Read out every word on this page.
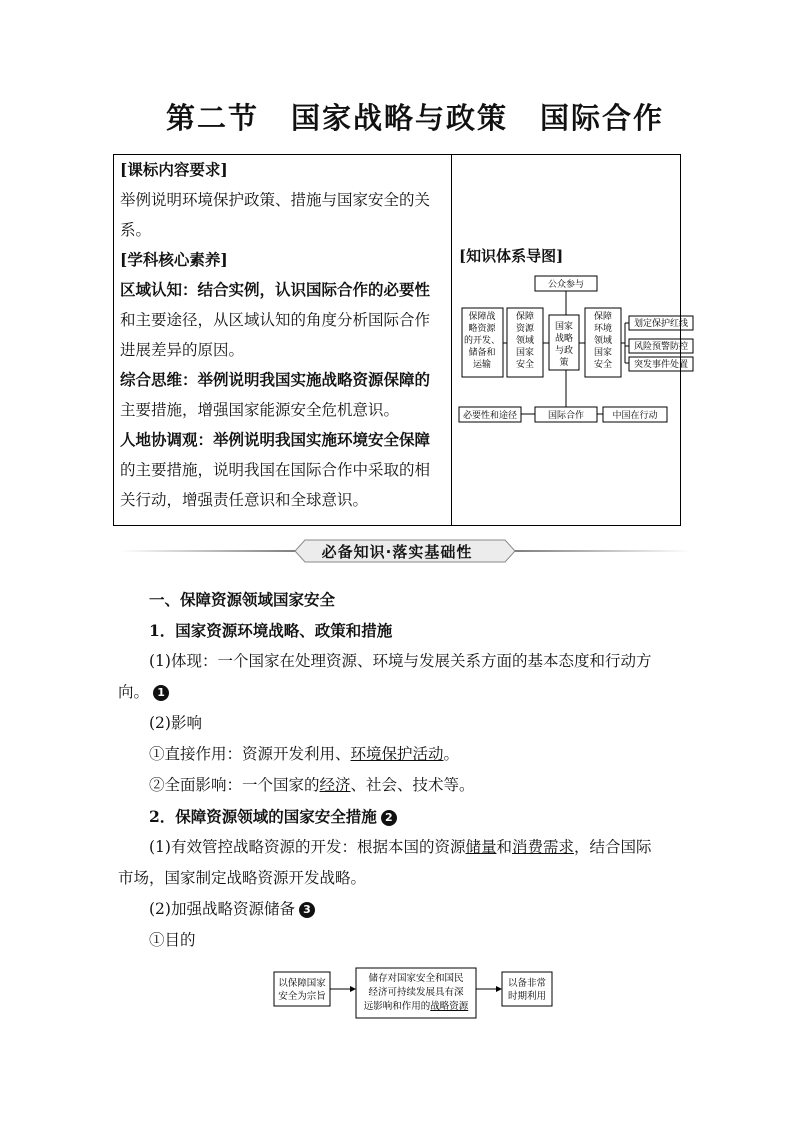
第二节 国家战略与政策 国际合作

[课标内容要求]

举例说明环境保护政策、措施与国家安全的关

系。

[学科核心素养]

区域认知：结合实例，认识国际合作的必要性

和主要途径，从区域认知的角度分析国际合作

进展差异的原因。

综合思维：举例说明我国实施战略资源保障的

主要措施，增强国家能源安全危机意识。

人地协调观：举例说明我国实施环境安全保障

的主要措施，说明我国在国际合作中采取的相

关行动，增强责任意识和全球意识。

[知识体系导图]
公众参与
国家
战略
与政
策
保障战
略资源
的开发、
储备和
运输
保障
资源
领域
国家
安全
保障
环境
领域
国家
安全
划定保护红线
风险预警防控
突发事件处置
必要性和途径	国际合作	中国在行动
必备知识·落实基础性

一、保障资源领域国家安全

1．国家资源环境战略、政策和措施

(1)体现：一个国家在处理资源、环境与发展关系方面的基本态度和行动方

向。 1

(2)影响

①直接作用：资源开发利用、环境保护活动。

②全面影响：一个国家的经济、社会、技术等。

2．保障资源领域的国家安全措施 2

(1)有效管控战略资源的开发：根据本国的资源储量和消费需求，结合国际

市场，国家制定战略资源开发战略。

(2)加强战略资源储备 3

①目的

以保障国家
安全为宗旨
储存对国家安全和国民
经济可持续发展具有深
远影响和作用的战略资源
以备非常
时期利用
